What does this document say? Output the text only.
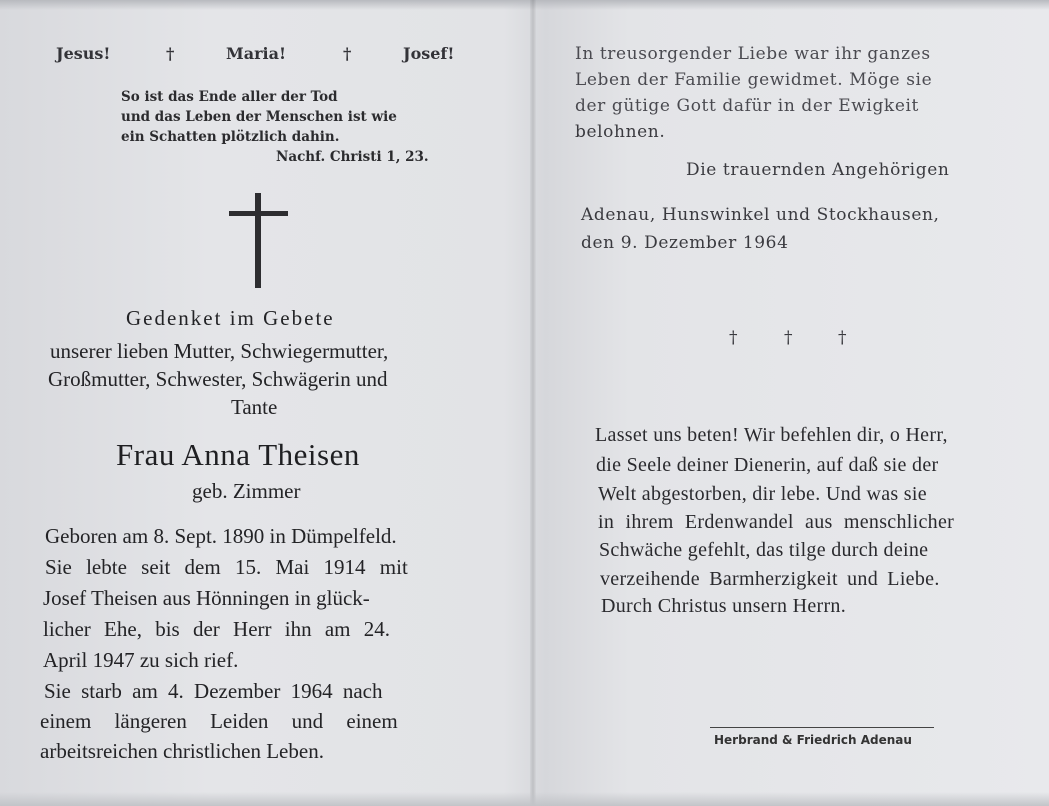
Jesus!	†	Maria!	†	Josef!

So ist das Ende aller der Tod

und das Leben der Menschen ist wie

ein Schatten plötzlich dahin.

Nachf. Christi 1, 23.

Gedenket im Gebete

unserer lieben Mutter, Schwiegermutter,

Großmutter, Schwester, Schwägerin und

Tante

Frau Anna Theisen

geb. Zimmer

Geboren am 8. Sept. 1890 in Dümpelfeld.

Sie lebte seit dem 15. Mai 1914 mit

Josef Theisen aus Hönningen in glück-

licher Ehe, bis der Herr ihn am 24.

April 1947 zu sich rief.

Sie starb am 4. Dezember 1964 nach

einem längeren Leiden und einem

arbeitsreichen christlichen Leben.

In treusorgender Liebe war ihr ganzes

Leben der Familie gewidmet. Möge sie

der gütige Gott dafür in der Ewigkeit

belohnen.

Die trauernden Angehörigen

Adenau, Hunswinkel und Stockhausen,

den 9. Dezember 1964

†	†	†

Lasset uns beten! Wir befehlen dir, o Herr,

die Seele deiner Dienerin, auf daß sie der

Welt abgestorben, dir lebe. Und was sie

in ihrem Erdenwandel aus menschlicher

Schwäche gefehlt, das tilge durch deine

verzeihende Barmherzigkeit und Liebe.

Durch Christus unsern Herrn.

Herbrand & Friedrich Adenau
